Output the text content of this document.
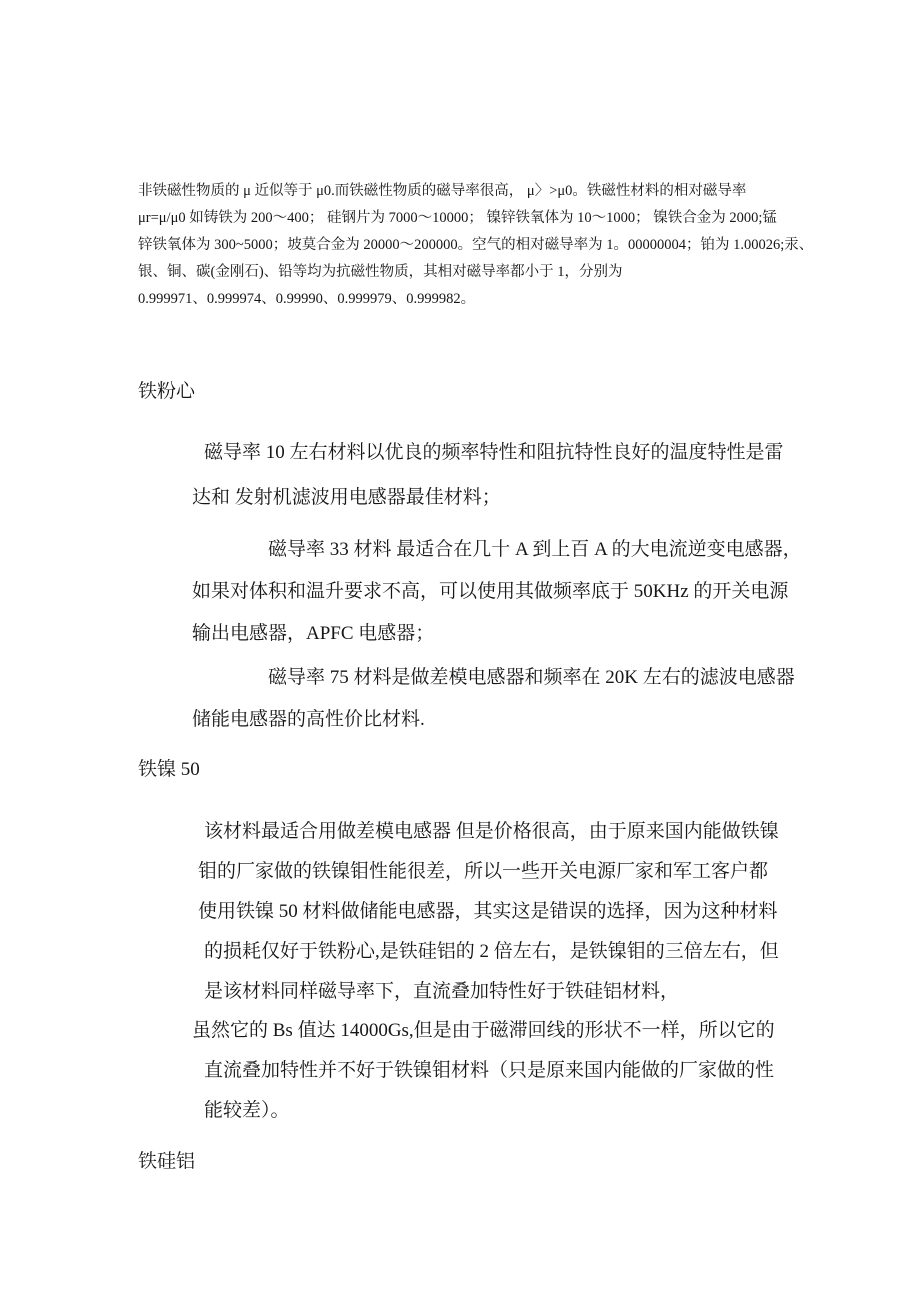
非铁磁性物质的 μ 近似等于 μ0.而铁磁性物质的磁导率很高， μ〉>μ0。铁磁性材料的相对磁导率
μr=μ/μ0 如铸铁为 200～400； 硅钢片为 7000～10000； 镍锌铁氧体为 10～1000； 镍铁合金为 2000;锰
锌铁氧体为 300~5000；坡莫合金为 20000～200000。空气的相对磁导率为 1。00000004；铂为 1.00026;汞、
银、铜、碳(金刚石)、铅等均为抗磁性物质，其相对磁导率都小于 1，分别为
0.999971、0.999974、0.99990、0.999979、0.999982。
铁粉心
磁导率 10 左右材料以优良的频率特性和阻抗特性良好的温度特性是雷
达和 发射机滤波用电感器最佳材料；
磁导率 33 材料 最适合在几十 A 到上百 A 的大电流逆变电感器，
如果对体积和温升要求不高，可以使用其做频率底于 50KHz 的开关电源
输出电感器，APFC 电感器；
磁导率 75 材料是做差模电感器和频率在 20K 左右的滤波电感器
储能电感器的高性价比材料.
铁镍 50
该材料最适合用做差模电感器 但是价格很高，由于原来国内能做铁镍
钼的厂家做的铁镍钼性能很差，所以一些开关电源厂家和军工客户都
使用铁镍 50 材料做储能电感器，其实这是错误的选择，因为这种材料
的损耗仅好于铁粉心,是铁硅铝的 2 倍左右，是铁镍钼的三倍左右，但
是该材料同样磁导率下，直流叠加特性好于铁硅铝材料，
虽然它的 Bs 值达 14000Gs,但是由于磁滞回线的形状不一样，所以它的
直流叠加特性并不好于铁镍钼材料（只是原来国内能做的厂家做的性
能较差）。
铁硅铝
